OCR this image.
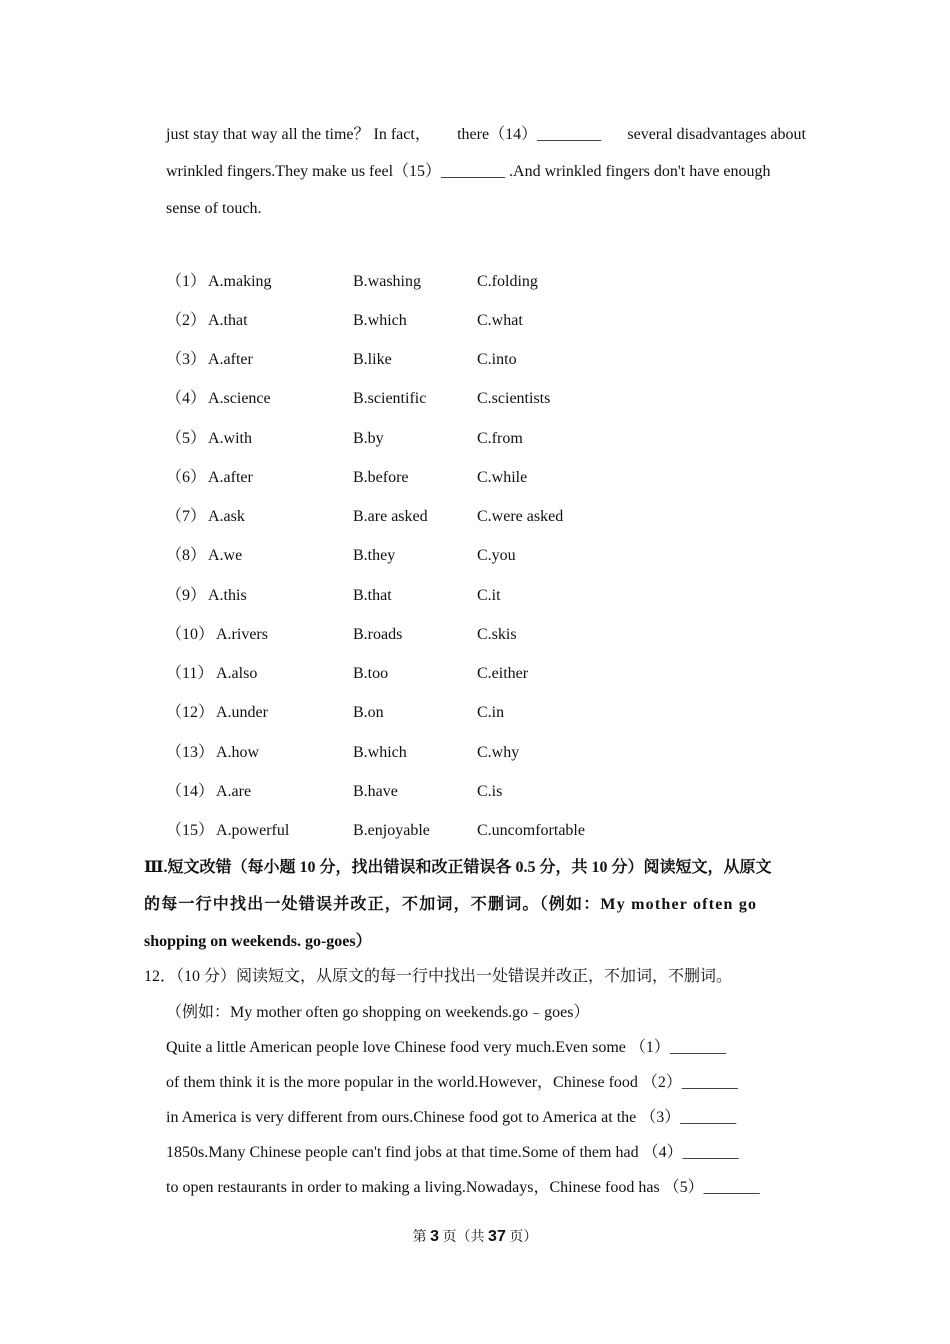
just stay that way all the time？ In fact， there（14）________ several disadvantages about
wrinkled fingers.They make us feel（15）________ .And wrinkled fingers don't have enough
sense of touch.
（1） A.making	B.washing	C.folding
（2） A.that	B.which	C.what
（3） A.after	B.like	C.into
（4） A.science	B.scientific	C.scientists
（5） A.with	B.by	C.from
（6） A.after	B.before	C.while
（7） A.ask	B.are asked	C.were asked
（8） A.we	B.they	C.you
（9） A.this	B.that	C.it
（10） A.rivers	B.roads	C.skis
（11） A.also	B.too	C.either
（12） A.under	B.on	C.in
（13） A.how	B.which	C.why
（14） A.are	B.have	C.is
（15） A.powerful	B.enjoyable	C.uncomfortable
Ⅲ.短文改错（每小题 10 分，找出错误和改正错误各 0.5 分，共 10 分）阅读短文，从原文
的每一行中找出一处错误并改正，不加词，不删词。（例如：My mother often go
shopping on weekends. go-goes）
12．（10 分）阅读短文，从原文的每一行中找出一处错误并改正，不加词，不删词。
（例如：My mother often go shopping on weekends.go﹣goes）
Quite a little American people love Chinese food very much.Even some （1）_______
of them think it is the more popular in the world.However，Chinese food （2）_______
in America is very different from ours.Chinese food got to America at the （3）_______
1850s.Many Chinese people can't find jobs at that time.Some of them had （4）_______
to open restaurants in order to making a living.Nowadays，Chinese food has （5）_______
第 3 页（共 37 页）
